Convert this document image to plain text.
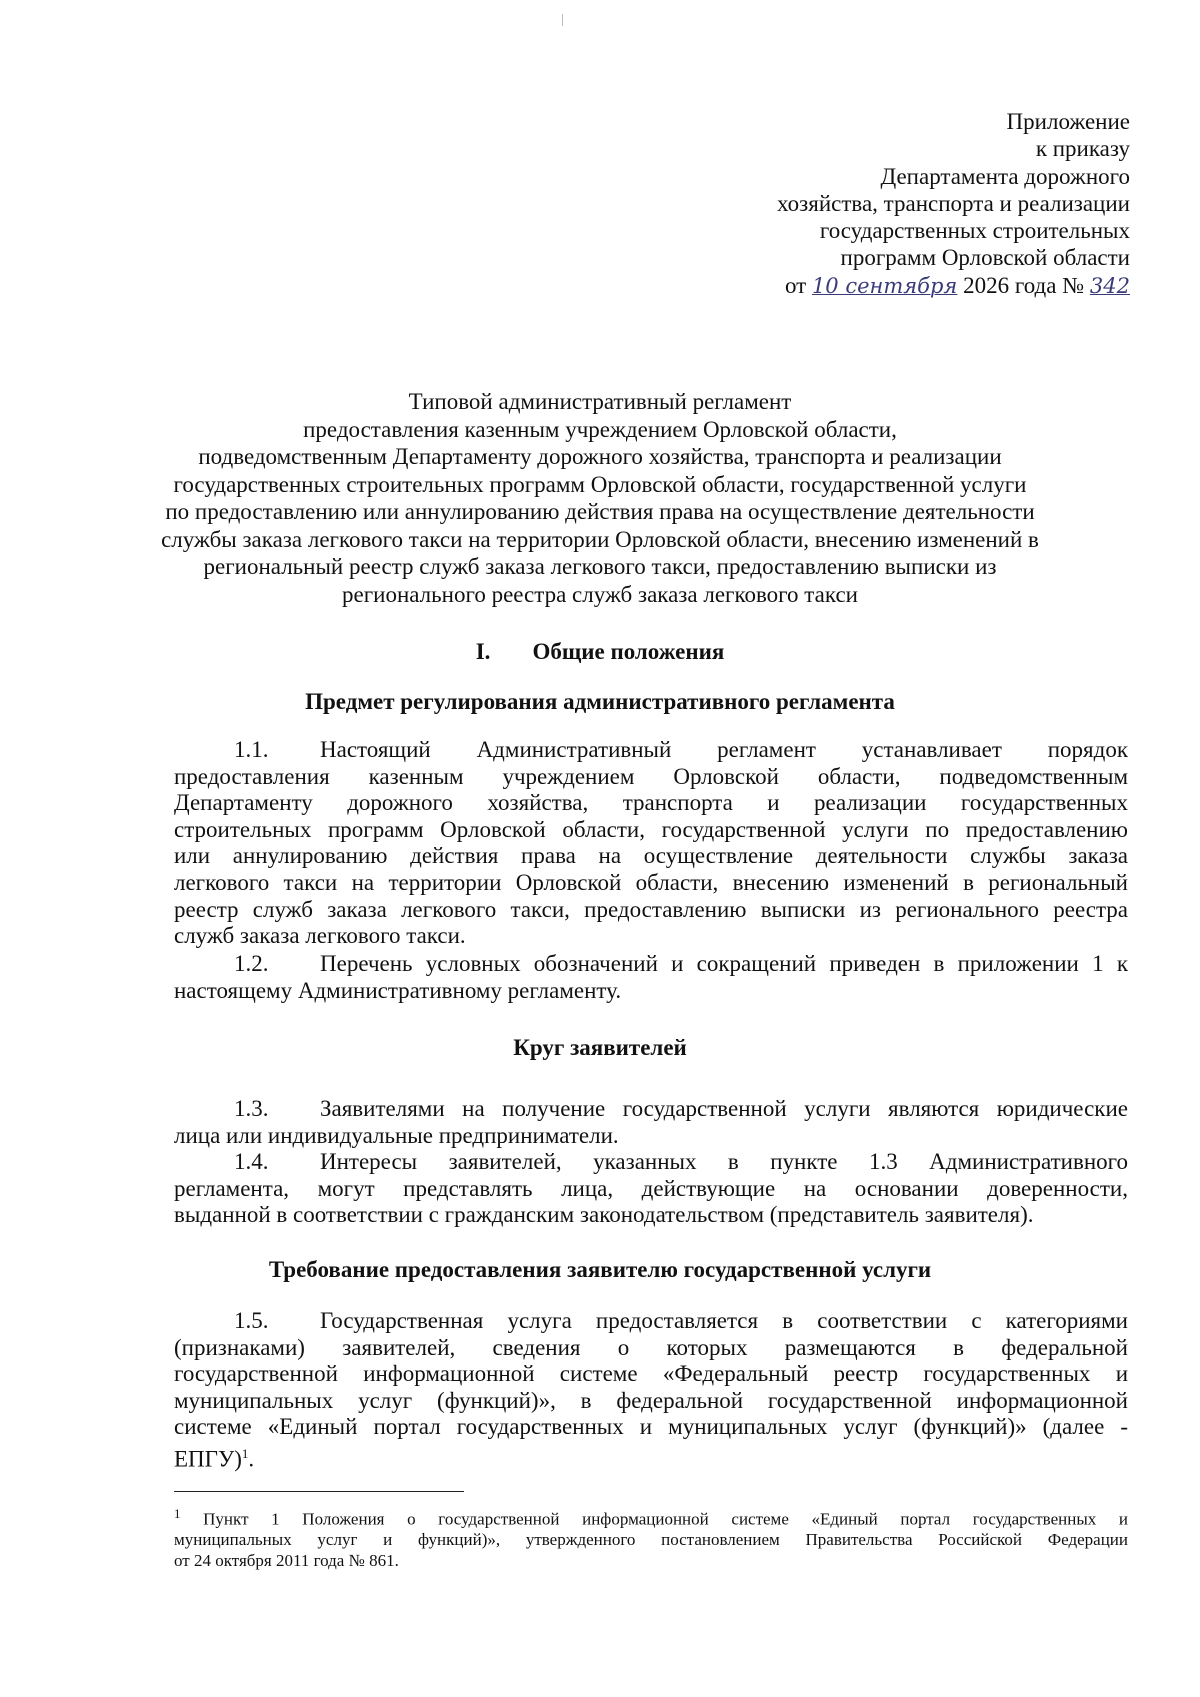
Приложение
к приказу
Департамента дорожного
хозяйства, транспорта и реализации
государственных строительных
программ Орловской области
от 10 сентября 2026 года № 342
Типовой административный регламент
предоставления казенным учреждением Орловской области,
подведомственным Департаменту дорожного хозяйства, транспорта и реализации
государственных строительных программ Орловской области, государственной услуги
по предоставлению или аннулированию действия права на осуществление деятельности
службы заказа легкового такси на территории Орловской области, внесению изменений в
региональный реестр служб заказа легкового такси, предоставлению выписки из
регионального реестра служб заказа легкового такси
I. Общие положения
Предмет регулирования административного регламента
1.1. Настоящий Административный регламент устанавливает порядок
предоставления казенным учреждением Орловской области, подведомственным
Департаменту дорожного хозяйства, транспорта и реализации государственных
строительных программ Орловской области, государственной услуги по предоставлению
или аннулированию действия права на осуществление деятельности службы заказа
легкового такси на территории Орловской области, внесению изменений в региональный
реестр служб заказа легкового такси, предоставлению выписки из регионального реестра
служб заказа легкового такси.
1.2. Перечень условных обозначений и сокращений приведен в приложении 1 к
настоящему Административному регламенту.
Круг заявителей
1.3. Заявителями на получение государственной услуги являются юридические
лица или индивидуальные предприниматели.
1.4. Интересы заявителей, указанных в пункте 1.3 Административного
регламента, могут представлять лица, действующие на основании доверенности,
выданной в соответствии с гражданским законодательством (представитель заявителя).
Требование предоставления заявителю государственной услуги
1.5. Государственная услуга предоставляется в соответствии с категориями
(признаками) заявителей, сведения о которых размещаются в федеральной
государственной информационной системе «Федеральный реестр государственных и
муниципальных услуг (функций)», в федеральной государственной информационной
системе «Единый портал государственных и муниципальных услуг (функций)» (далее -
ЕПГУ)$^1$.
$^1$ Пункт 1 Положения о государственной информационной системе «Единый портал государственных и
муниципальных услуг и функций)», утвержденного постановлением Правительства Российской Федерации
от 24 октября 2011 года № 861.
